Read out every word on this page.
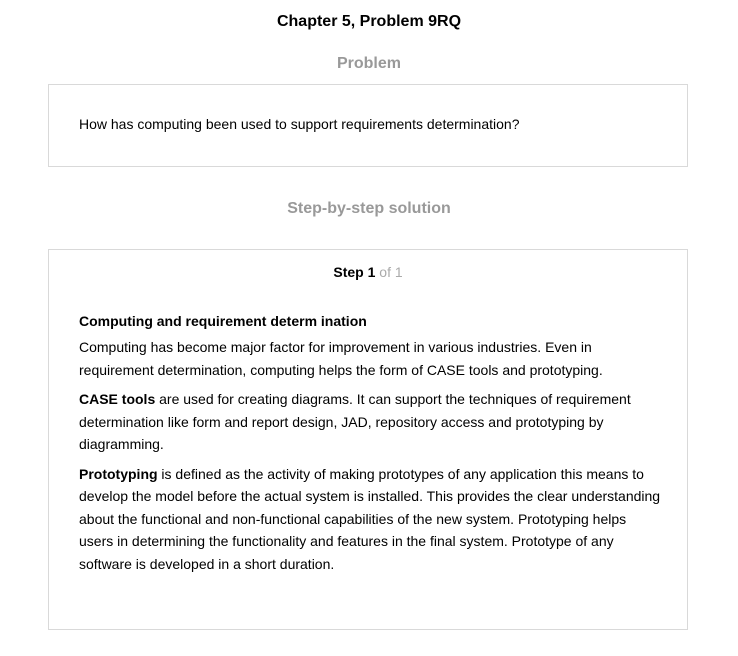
Chapter 5, Problem 9RQ
Problem
How has computing been used to support requirements determination?
Step-by-step solution
Step 1 of 1
Computing and requirement determ ination

Computing has become major factor for improvement in various industries. Even in requirement determination, computing helps the form of CASE tools and prototyping.

CASE tools are used for creating diagrams. It can support the techniques of requirement determination like form and report design, JAD, repository access and prototyping by diagramming.

Prototyping is defined as the activity of making prototypes of any application this means to develop the model before the actual system is installed. This provides the clear understanding about the functional and non-functional capabilities of the new system. Prototyping helps users in determining the functionality and features in the final system. Prototype of any software is developed in a short duration.
